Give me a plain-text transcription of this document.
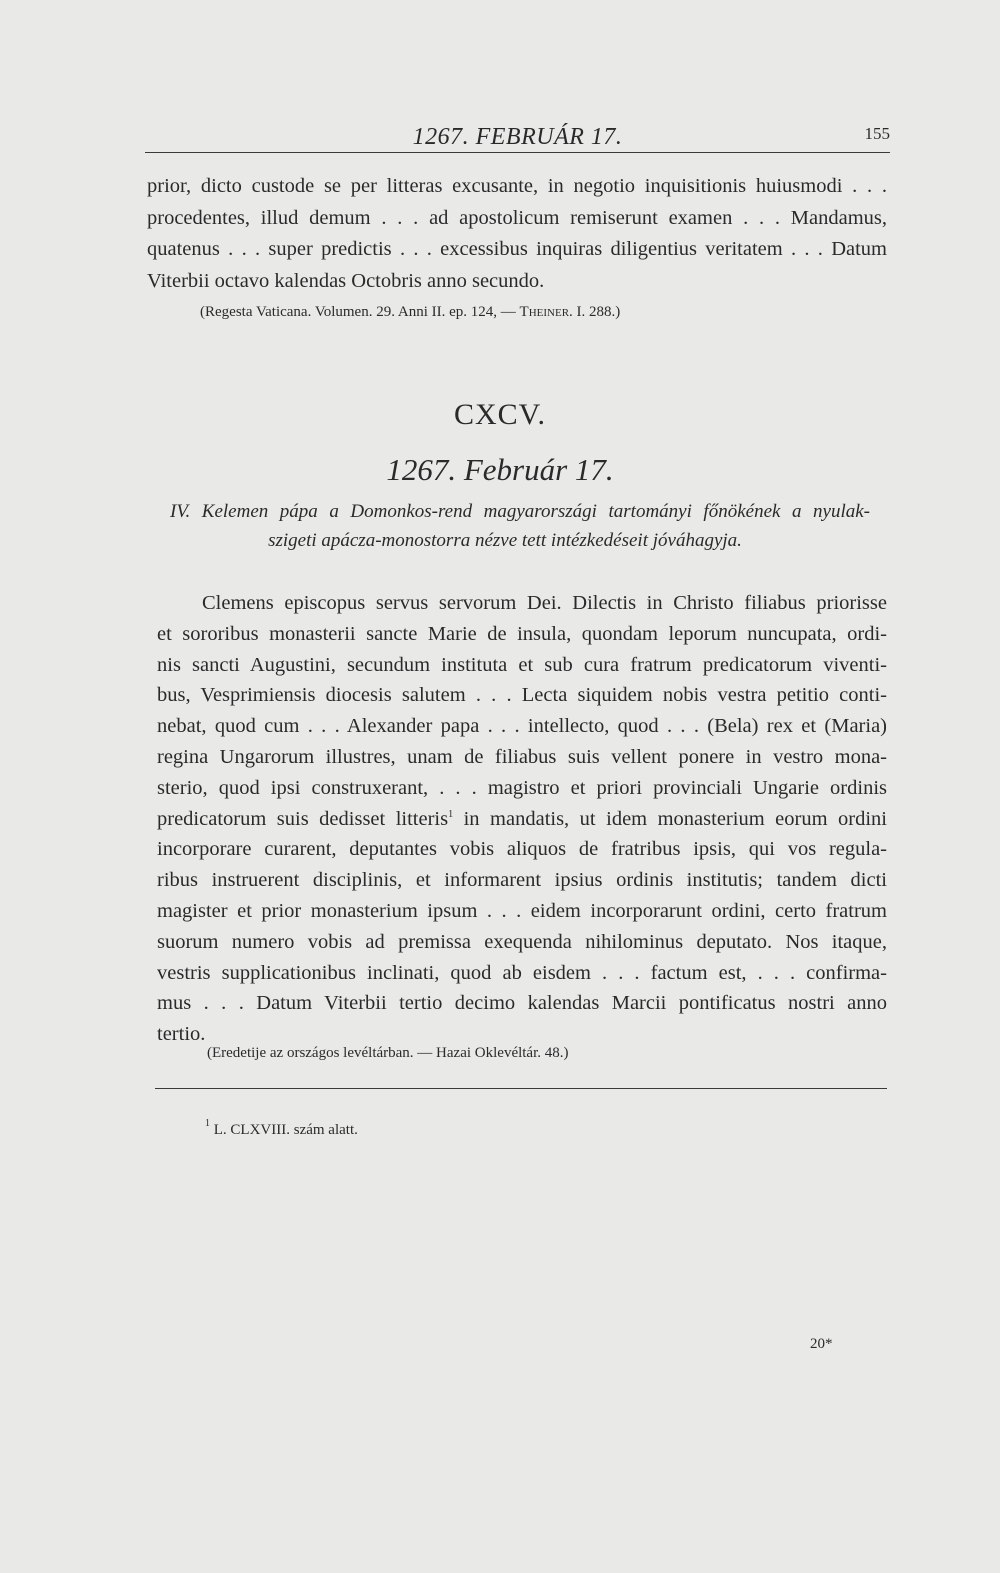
1267. FEBRUÁR 17.	155

prior, dicto custode se per litteras excusante, in negotio inquisitionis huiusmodi . . .
procedentes, illud demum . . . ad apostolicum remiserunt examen . . . Mandamus,
quatenus . . . super predictis . . . excessibus inquiras diligentius veritatem . . . Datum
Viterbii octavo kalendas Octobris anno secundo.

(Regesta Vaticana. Volumen. 29. Anni II. ep. 124, — Theiner. I. 288.)

CXCV.
1267. Február 17.
IV. Kelemen pápa a Domonkos-rend magyarországi tartományi főnökének a nyulak-
szigeti apácza-monostorra nézve tett intézkedéseit jóváhagyja.

Clemens episcopus servus servorum Dei. Dilectis in Christo filiabus priorisse
et sororibus monasterii sancte Marie de insula, quondam leporum nuncupata, ordi-
nis sancti Augustini, secundum instituta et sub cura fratrum predicatorum viventi-
bus, Vesprimiensis diocesis salutem . . . Lecta siquidem nobis vestra petitio conti-
nebat, quod cum . . . Alexander papa . . . intellecto, quod . . . (Bela) rex et (Maria)
regina Ungarorum illustres, unam de filiabus suis vellent ponere in vestro mona-
sterio, quod ipsi construxerant, . . . magistro et priori provinciali Ungarie ordinis
predicatorum suis dedisset litteris$^1$ in mandatis, ut idem monasterium eorum ordini
incorporare curarent, deputantes vobis aliquos de fratribus ipsis, qui vos regula-
ribus instruerent disciplinis, et informarent ipsius ordinis institutis; tandem dicti
magister et prior monasterium ipsum . . . eidem incorporarunt ordini, certo fratrum
suorum numero vobis ad premissa exequenda nihilominus deputato. Nos itaque,
vestris supplicationibus inclinati, quod ab eisdem . . . factum est, . . . confirma-
mus . . . Datum Viterbii tertio decimo kalendas Marcii pontificatus nostri anno
tertio.

(Eredetije az országos levéltárban. — Hazai Oklevéltár. 48.)

$^1$ L. CLXVIII. szám alatt.
20*
